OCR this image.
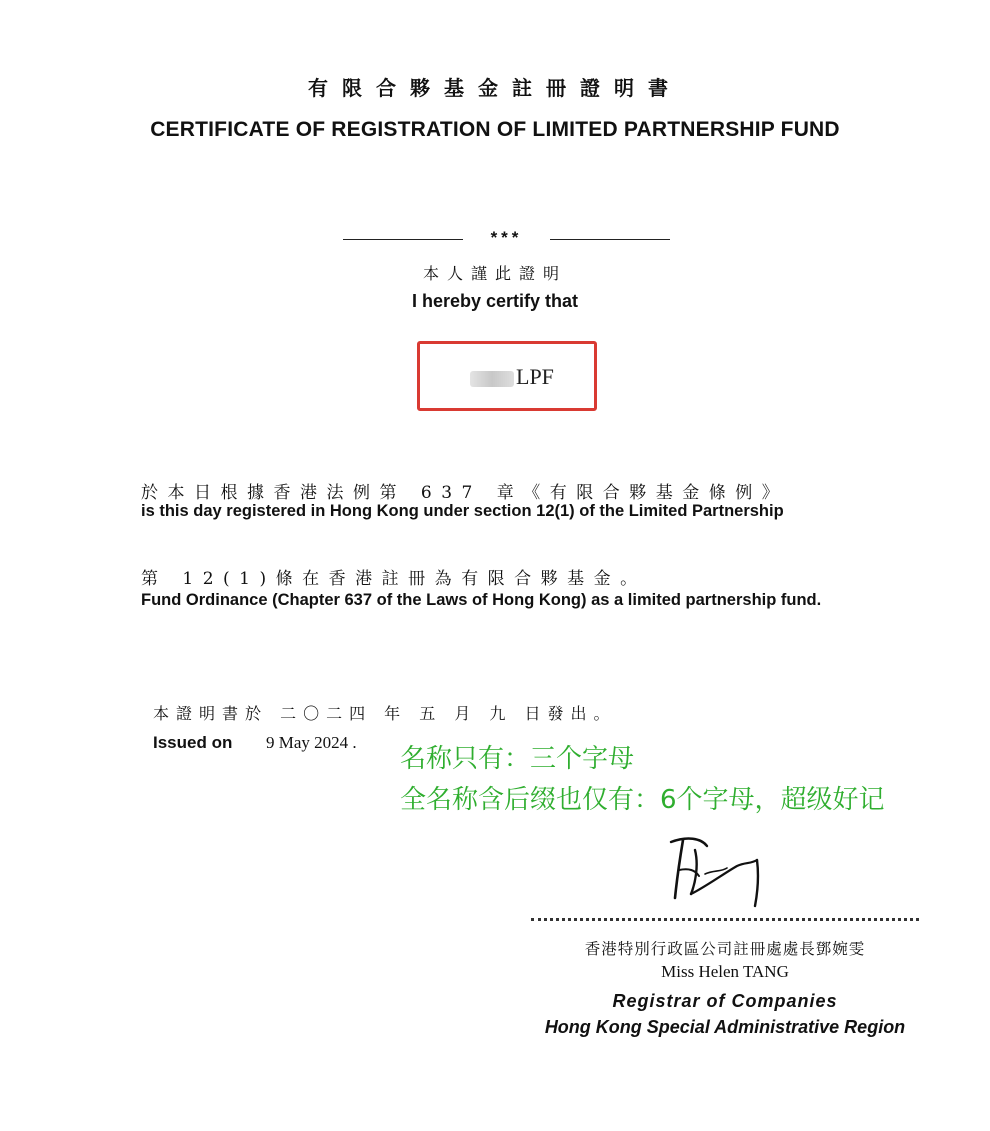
有限合夥基金註冊證明書
CERTIFICATE OF REGISTRATION OF LIMITED PARTNERSHIP FUND
***
本人謹此證明
I hereby certify that
LPF
於本日根據香港法例第 637 章《有限合夥基金條例》
is this day registered in Hong Kong under section 12(1) of the Limited Partnership
第 12(1)條在香港註冊為有限合夥基金。
Fund Ordinance (Chapter 637 of the Laws of Hong Kong) as a limited partnership fund.
本證明書於 二〇二四 年 五 月 九 日發出。
Issued on 9 May 2024 .
名称只有：三个字母
全名称含后缀也仅有：6个字母，超级好记
香港特別行政區公司註冊處處長鄧婉雯
Miss Helen TANG
Registrar of Companies
Hong Kong Special Administrative Region
